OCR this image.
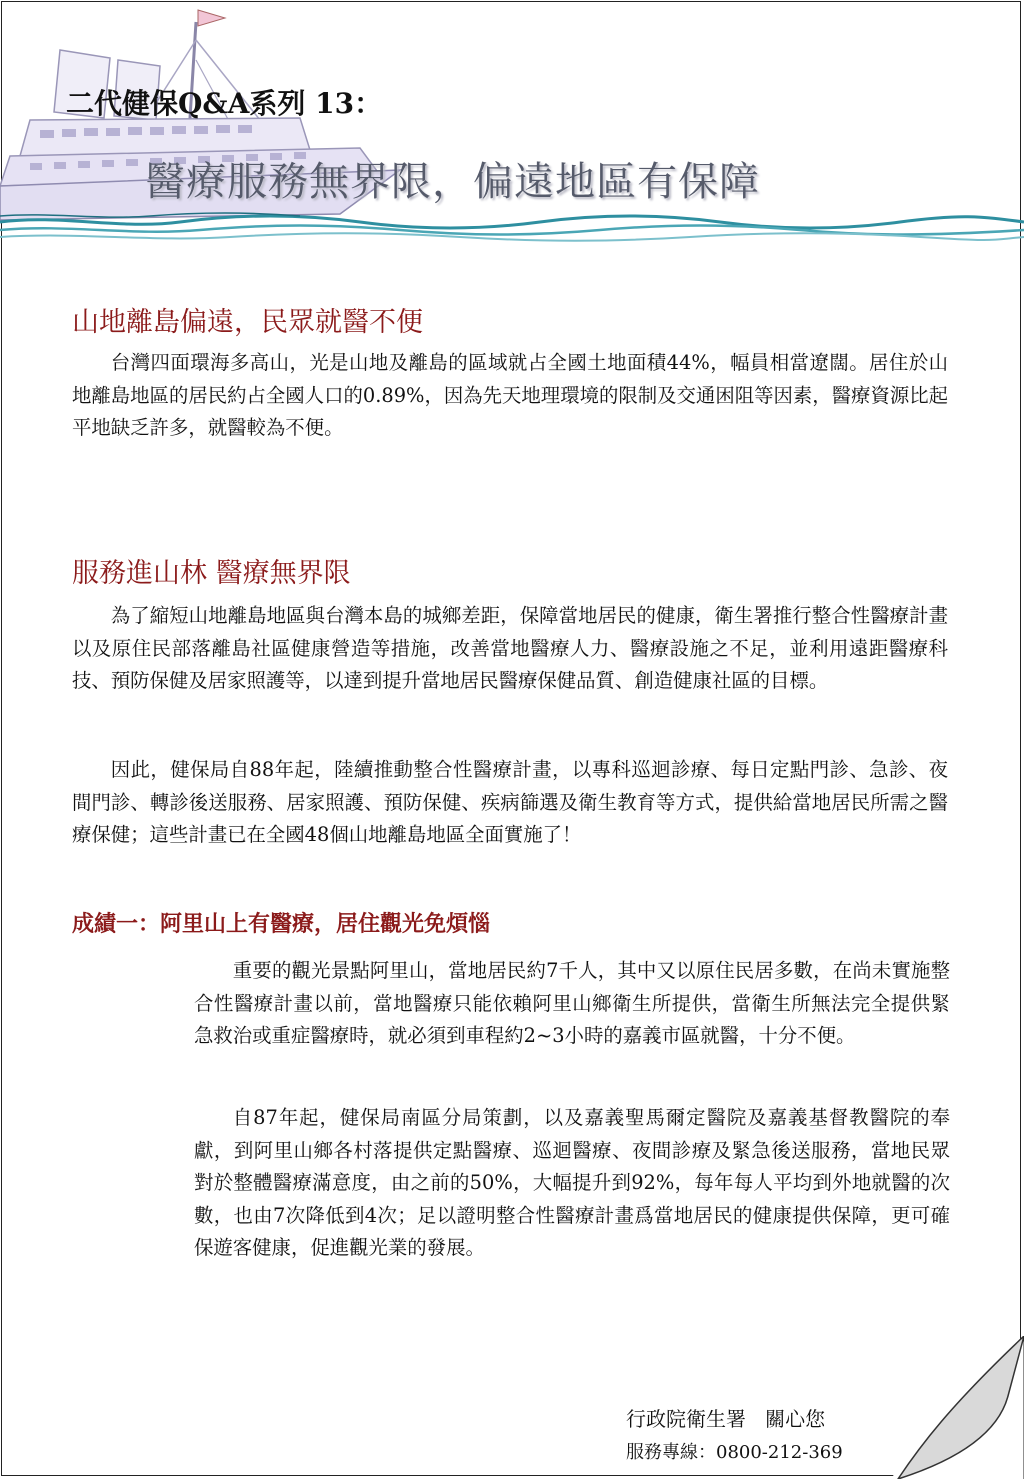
二代健保Q&A系列 13：
醫療服務無界限，偏遠地區有保障
山地離島偏遠，民眾就醫不便

台灣四面環海多高山，光是山地及離島的區域就占全國土地面積44%，幅員相當遼闊。居住於山地離島地區的居民約占全國人口的0.89%，因為先天地理環境的限制及交通困阻等因素，醫療資源比起平地缺乏許多，就醫較為不便。

服務進山林 醫療無界限

為了縮短山地離島地區與台灣本島的城鄉差距，保障當地居民的健康，衛生署推行整合性醫療計畫以及原住民部落離島社區健康營造等措施，改善當地醫療人力、醫療設施之不足，並利用遠距醫療科技、預防保健及居家照護等，以達到提升當地居民醫療保健品質、創造健康社區的目標。

因此，健保局自88年起，陸續推動整合性醫療計畫，以專科巡迴診療、每日定點門診、急診、夜間門診、轉診後送服務、居家照護、預防保健、疾病篩選及衛生教育等方式，提供給當地居民所需之醫療保健；這些計畫已在全國48個山地離島地區全面實施了！

成績一：阿里山上有醫療，居住觀光免煩惱

重要的觀光景點阿里山，當地居民約7千人，其中又以原住民居多數，在尚未實施整合性醫療計畫以前，當地醫療只能依賴阿里山鄉衛生所提供，當衛生所無法完全提供緊急救治或重症醫療時，就必須到車程約2~3小時的嘉義市區就醫，十分不便。

自87年起，健保局南區分局策劃，以及嘉義聖馬爾定醫院及嘉義基督教醫院的奉獻，到阿里山鄉各村落提供定點醫療、巡迴醫療、夜間診療及緊急後送服務，當地民眾對於整體醫療滿意度，由之前的50%，大幅提升到92%，每年每人平均到外地就醫的次數，也由7次降低到4次；足以證明整合性醫療計畫爲當地居民的健康提供保障，更可確保遊客健康，促進觀光業的發展。

行政院衛生署   關心您
服務專線：0800-212-369
